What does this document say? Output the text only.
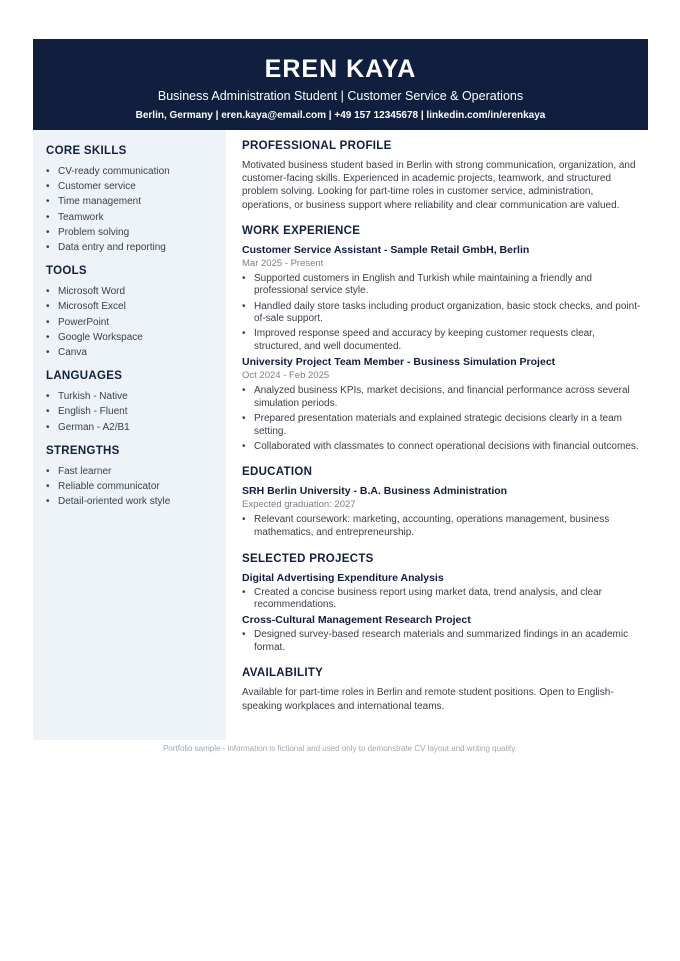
EREN KAYA
Business Administration Student | Customer Service & Operations
Berlin, Germany | eren.kaya@email.com | +49 157 12345678 | linkedin.com/in/erenkaya
CORE SKILLS
• CV-ready communication
• Customer service
• Time management
• Teamwork
• Problem solving
• Data entry and reporting
TOOLS
• Microsoft Word
• Microsoft Excel
• PowerPoint
• Google Workspace
• Canva
LANGUAGES
• Turkish - Native
• English - Fluent
• German - A2/B1
STRENGTHS
• Fast learner
• Reliable communicator
• Detail-oriented work style
PROFESSIONAL PROFILE
Motivated business student based in Berlin with strong communication, organization, and customer-facing skills. Experienced in academic projects, teamwork, and structured problem solving. Looking for part-time roles in customer service, administration, operations, or business support where reliability and clear communication are valued.
WORK EXPERIENCE
Customer Service Assistant - Sample Retail GmbH, Berlin
Mar 2025 - Present
• Supported customers in English and Turkish while maintaining a friendly and professional service style.
• Handled daily store tasks including product organization, basic stock checks, and point-of-sale support.
• Improved response speed and accuracy by keeping customer requests clear, structured, and well documented.
University Project Team Member - Business Simulation Project
Oct 2024 - Feb 2025
• Analyzed business KPIs, market decisions, and financial performance across several simulation periods.
• Prepared presentation materials and explained strategic decisions clearly in a team setting.
• Collaborated with classmates to connect operational decisions with financial outcomes.
EDUCATION
SRH Berlin University - B.A. Business Administration
Expected graduation: 2027
• Relevant coursework: marketing, accounting, operations management, business mathematics, and entrepreneurship.
SELECTED PROJECTS
Digital Advertising Expenditure Analysis
• Created a concise business report using market data, trend analysis, and clear recommendations.
Cross-Cultural Management Research Project
• Designed survey-based research materials and summarized findings in an academic format.
AVAILABILITY
Available for part-time roles in Berlin and remote student positions. Open to English-speaking workplaces and international teams.
Portfolio sample - information is fictional and used only to demonstrate CV layout and writing quality.
